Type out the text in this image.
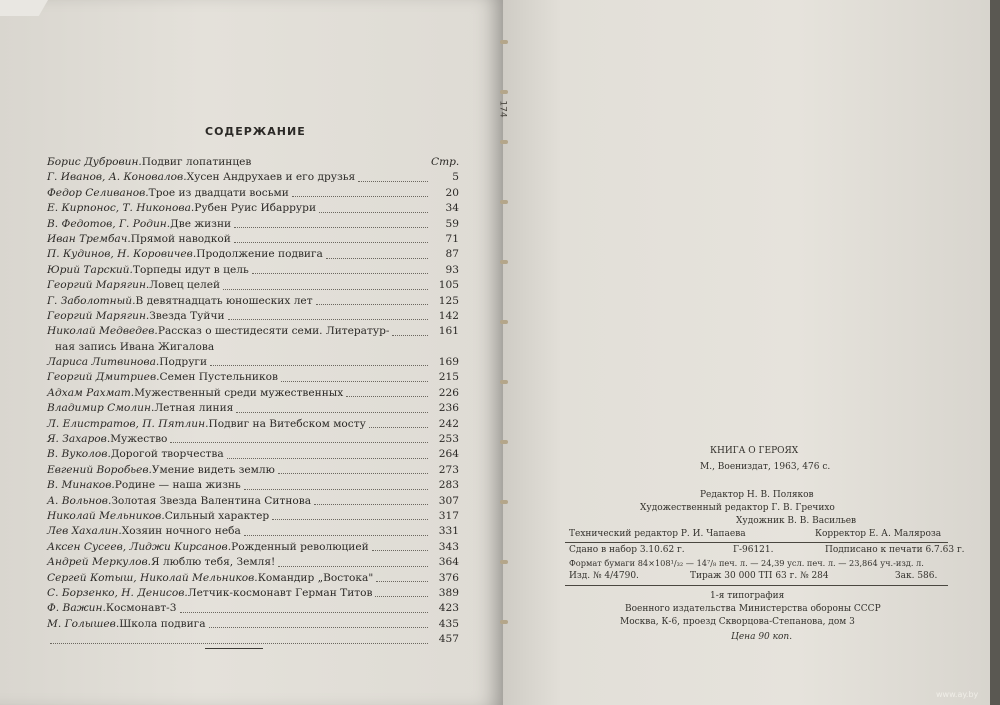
174
СОДЕРЖАНИЕ
Борис Дубровин. Подвиг лопатинцев	Стр.
Г. Иванов, А. Коновалов. Хусен Андрухаев и его друзья	5
Федор Селиванов. Трое из двадцати восьми	20
Е. Кирпонос, Т. Никонова. Рубен Руис Ибаррури	34
В. Федотов, Г. Родин. Две жизни	59
Иван Трембач. Прямой наводкой	71
П. Кудинов, Н. Коровичев. Продолжение подвига	87
Юрий Тарский. Торпеды идут в цель	93
Георгий Марягин. Ловец целей	105
Г. Заболотный. В девятнадцать юношеских лет	125
Георгий Марягин. Звезда Туйчи	142
Николай Медведев. Рассказ о шестидесяти семи. Литератур-	161
ная запись Ивана Жигалова
Лариса Литвинова. Подруги	169
Георгий Дмитриев. Семен Пустельников	215
Адхам Рахмат. Мужественный среди мужественных	226
Владимир Смолин. Летная линия	236
Л. Елистратов, П. Пятлин. Подвиг на Витебском мосту	242
Я. Захаров. Мужество	253
В. Вуколов. Дорогой творчества	264
Евгений Воробьев. Умение видеть землю	273
В. Минаков. Родине — наша жизнь	283
А. Вольнов. Золотая Звезда Валентина Ситнова	307
Николай Мельников. Сильный характер	317
Лев Хахалин. Хозяин ночного неба	331
Аксен Сусеев, Лиджи Кирсанов. Рожденный революцией	343
Андрей Меркулов. Я люблю тебя, Земля!	364
Сергей Котыш, Николай Мельников. Командир „Востока"	376
С. Борзенко, Н. Денисов. Летчик-космонавт Герман Титов	389
Ф. Важин. Космонавт-3	423
М. Голышев. Школа подвига	435
457
КНИГА О ГЕРОЯХ
М., Воениздат, 1963, 476 с.
Редактор Н. В. Поляков
Художественный редактор Г. В. Гречихо
Художник В. В. Васильев
Технический редактор Р. И. Чапаева	Корректор Е. А. Маляроза
Сдано в набор 3.10.62 г.	Г-96121.	Подписано к печати 6.7.63 г.
Формат бумаги 84×108¹/₃₂ — 14⁷/₈ печ. л. — 24,39 усл. печ. л. — 23,864 уч.-изд. л.
Изд. № 4/4790.	Тираж 30 000 ТП 63 г. № 284	Зак. 586.
1-я типография
Военного издательства Министерства обороны СССР
Москва, К-6, проезд Скворцова-Степанова, дом 3
Цена 90 коп.
www.ay.by
